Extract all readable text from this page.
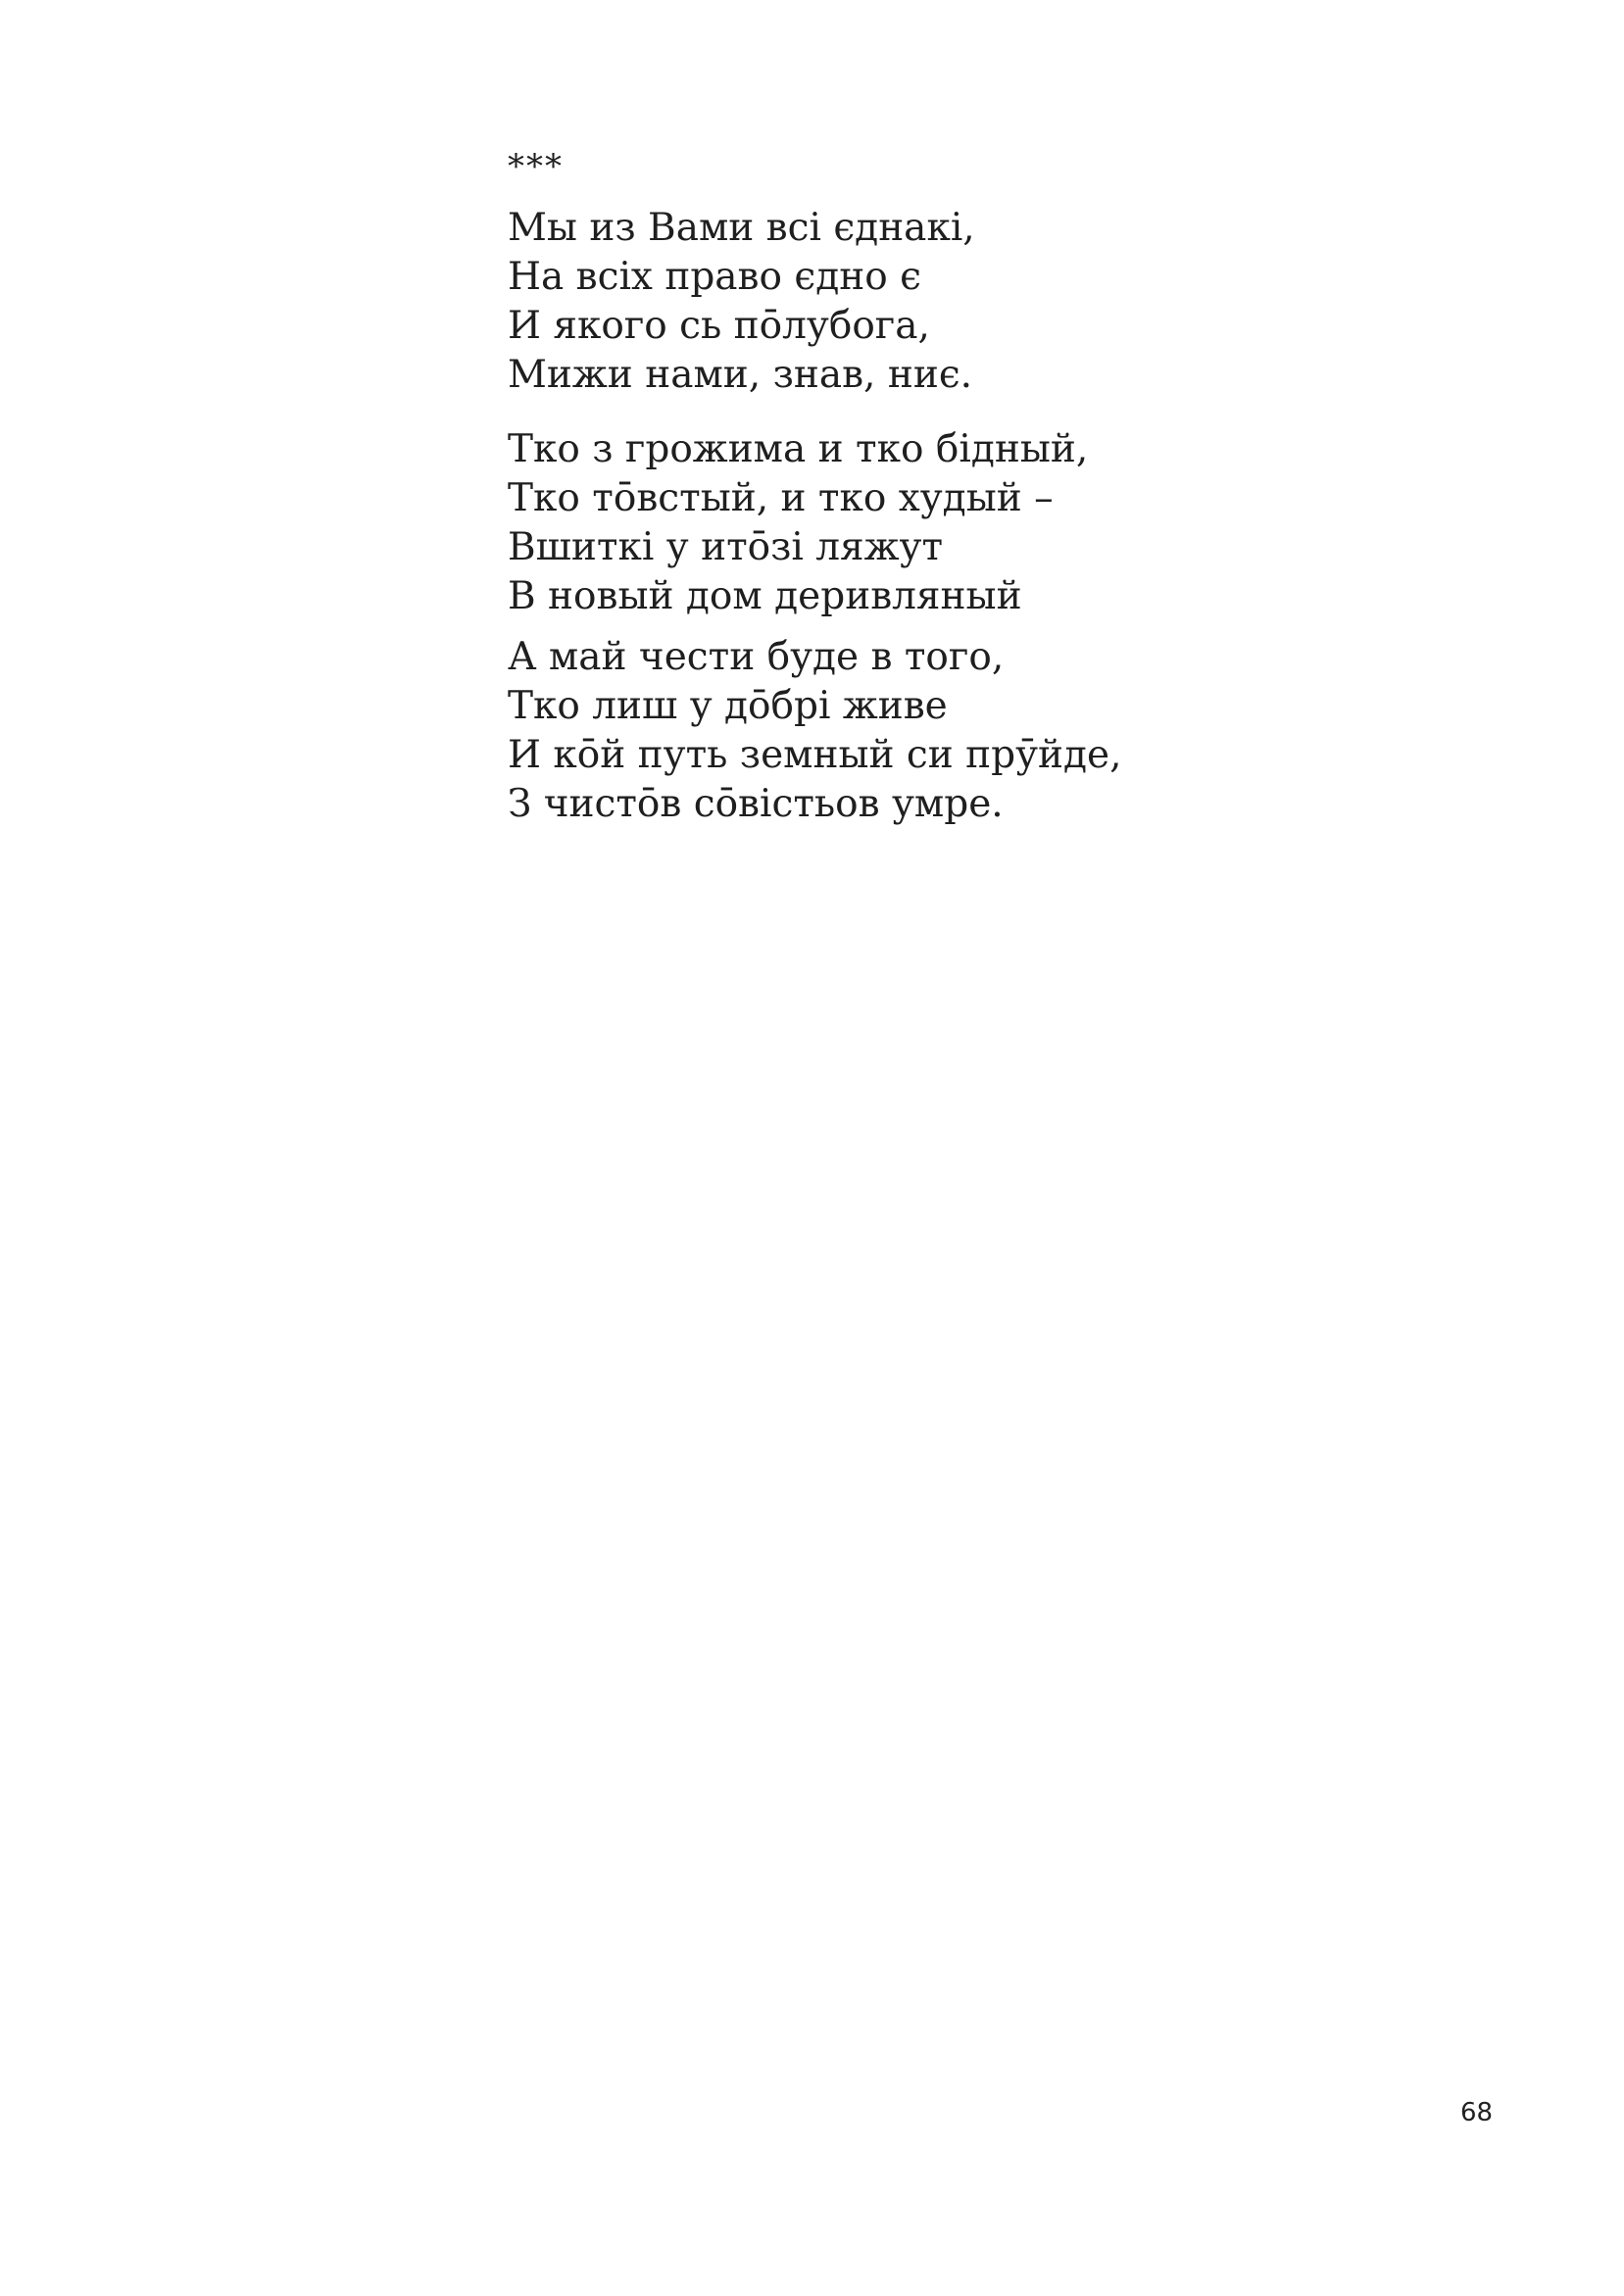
***
Мы из Вами всі єднакі,
На всіх право єдно є
И якого сь пōлубога,
Мижи нами, знав, ниє.
Тко з грожима и тко бідный,
Тко тōвстый, и тко худый –
Вшиткі у итōзі ляжут
В новый дом деривляный
А май чести буде в того,
Тко лиш у дōбрі живе
И кōй путь земный си прӯйде,
З чистōв сōвістьов умре.
68
